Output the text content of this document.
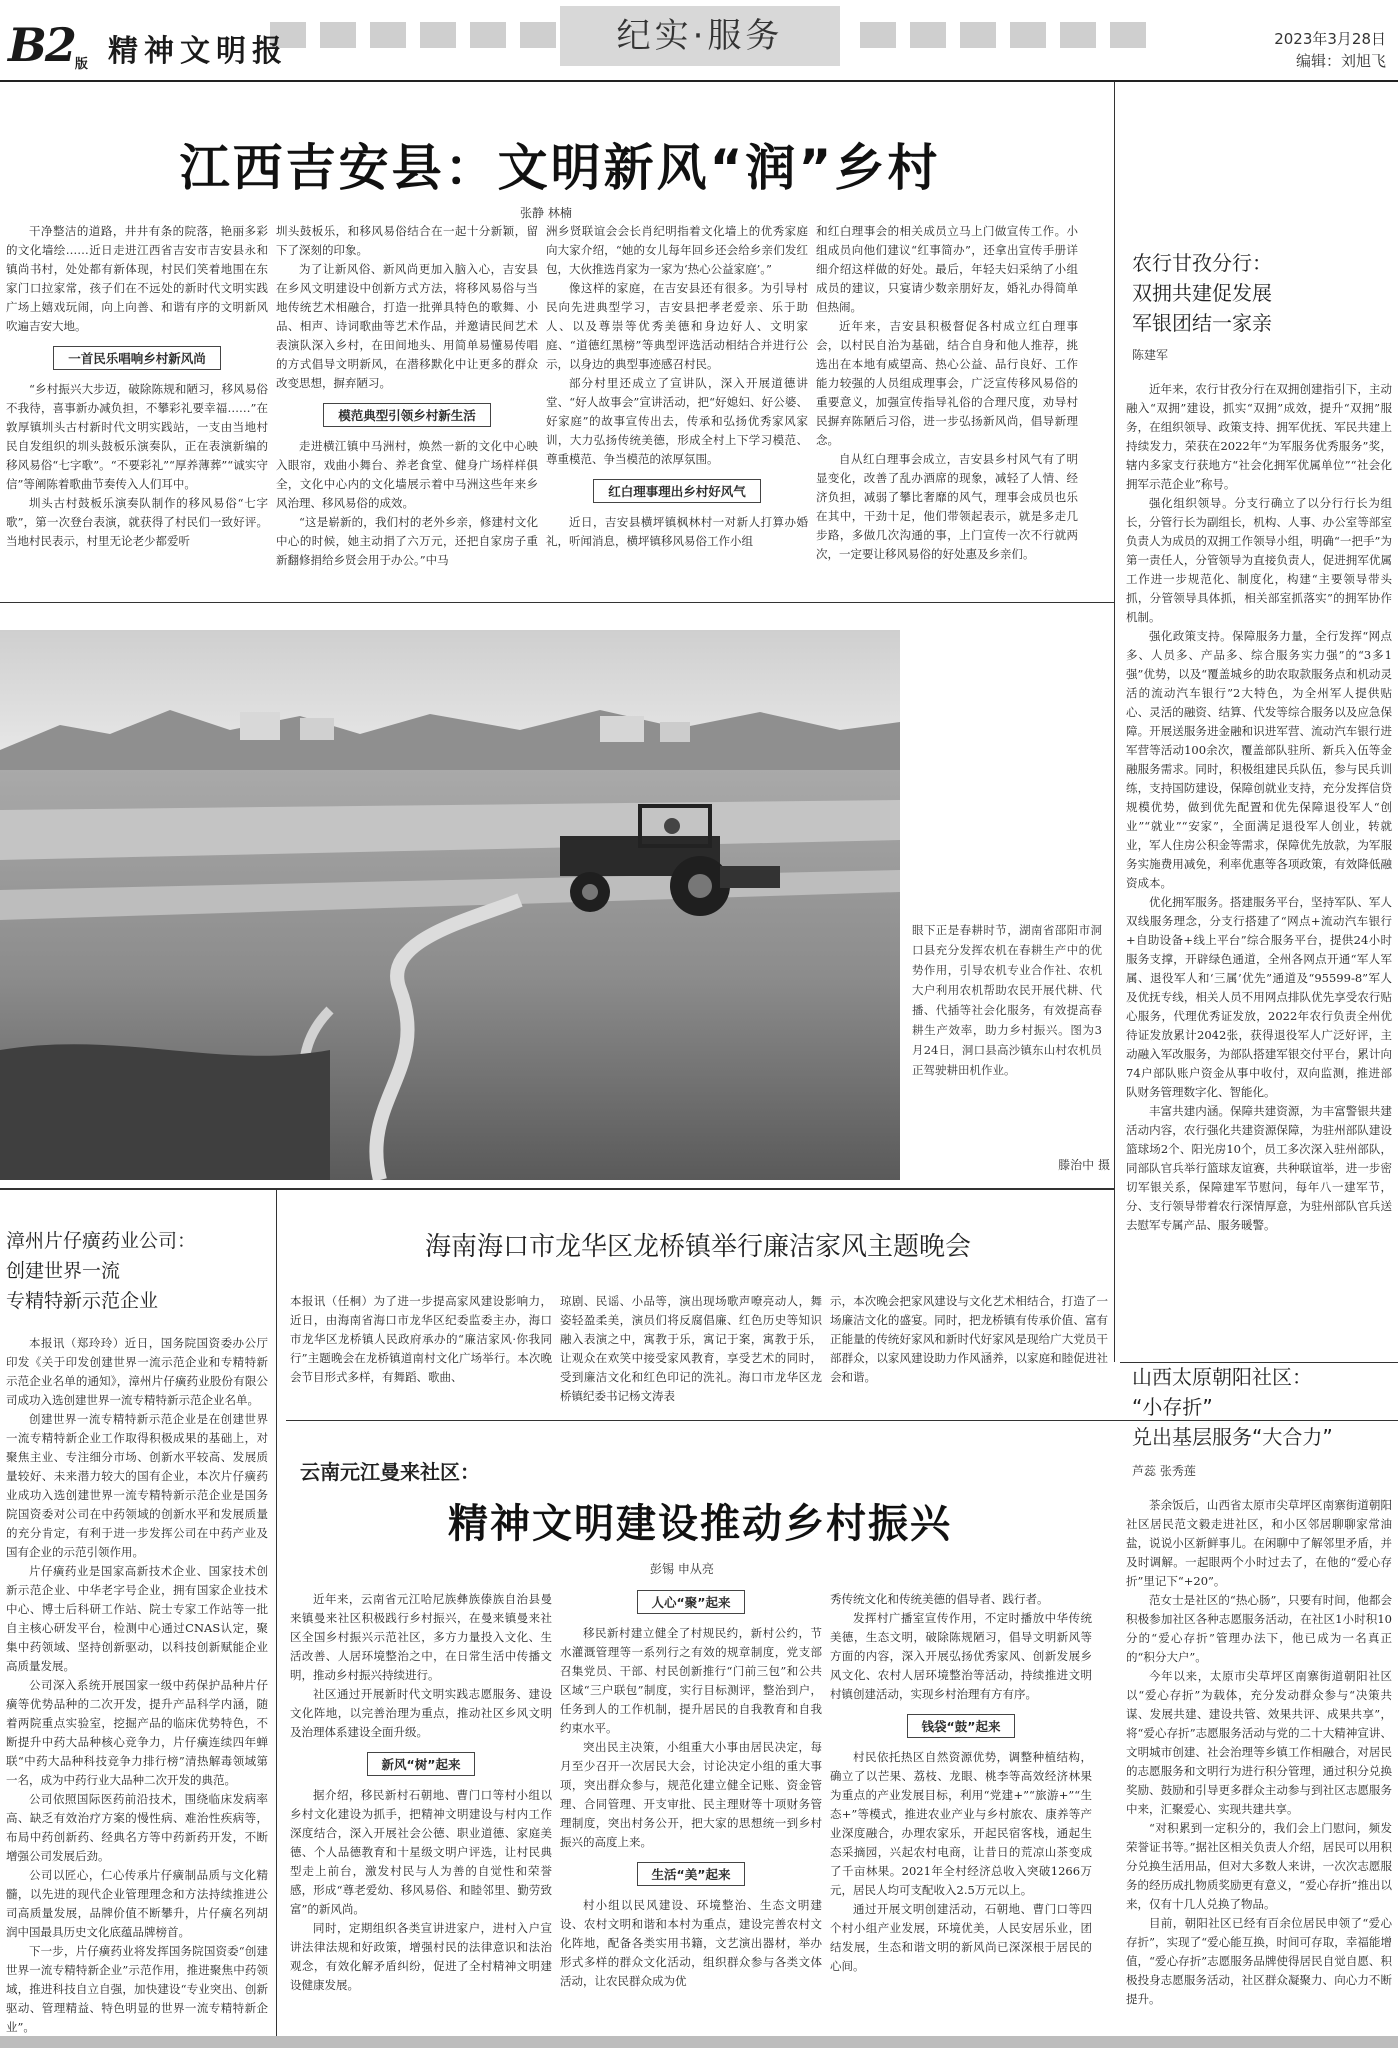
B2版 精神文明报	纪实·服务	2023年3月28日
编辑：刘旭飞
江西吉安县：文明新风“润”乡村
张静 林楠

干净整洁的道路，井井有条的院落，艳丽多彩的文化墙绘……近日走进江西省吉安市吉安县永和镇尚书村，处处都有新体现，村民们笑着地围在东家门口拉家常，孩子们在不远处的新时代文明实践广场上嬉戏玩闹，向上向善、和谐有序的文明新风吹遍吉安大地。

一首民乐唱响乡村新风尚

“乡村振兴大步迈，破除陈规和陋习，移风易俗不我待，喜事新办减负担，不攀彩礼要幸福……”在敦厚镇圳头古村新时代文明实践站，一支由当地村民自发组织的圳头鼓板乐演奏队，正在表演新编的移风易俗“七字歌”。“不要彩礼”“厚养薄葬”“诚实守信”等阐陈着歌曲节奏传入人们耳中。

圳头古村鼓板乐演奏队制作的移风易俗“七字歌”，第一次登台表演，就获得了村民们一致好评。当地村民表示，村里无论老少都爱听

圳头鼓板乐，和移风易俗结合在一起十分新颖，留下了深刻的印象。

为了让新风俗、新风尚更加入脑入心，吉安县在乡风文明建设中创新方式方法，将移风易俗与当地传统艺术相融合，打造一批弹具特色的歌舞、小品、相声、诗词歌曲等艺术作品，并邀请民间艺术表演队深入乡村，在田间地头、用简单易懂易传唱的方式倡导文明新风，在潜移默化中让更多的群众改变思想，摒弃陋习。

模范典型引领乡村新生活

走进横江镇中马洲村，焕然一新的文化中心映入眼帘，戏曲小舞台、养老食堂、健身广场样样俱全，文化中心内的文化墙展示着中马洲这些年来乡风治理、移风易俗的成效。

“这是崭新的，我们村的老外乡亲，修建村文化中心的时候，她主动捐了六万元，还把自家房子重新翻修捐给乡贤会用于办公。”中马

洲乡贤联谊会会长肖纪明指着文化墙上的优秀家庭向大家介绍，“她的女儿每年回乡还会给乡亲们发红包，大伙推选肖家为一家为‘热心公益家庭’。”

像这样的家庭，在吉安县还有很多。为引导村民向先进典型学习，吉安县把孝老爱亲、乐于助人、以及尊崇等优秀美德和身边好人、文明家庭、“道德红黑榜”等典型评选活动相结合并进行公示，以身边的典型事迹感召村民。

部分村里还成立了宣讲队，深入开展道德讲堂、“好人故事会”宣讲活动，把“好媳妇、好公婆、好家庭”的故事宣传出去，传承和弘扬优秀家风家训，大力弘扬传统美德，形成全村上下学习模范、尊重模范、争当模范的浓厚氛围。

红白理事理出乡村好风气

近日，吉安县横坪镇枫林村一对新人打算办婚礼，听闻消息，横坪镇移风易俗工作小组

和红白理事会的相关成员立马上门做宣传工作。小组成员向他们建议“红事简办”，还拿出宣传手册详细介绍这样做的好处。最后，年轻夫妇采纳了小组成员的建议，只宴请少数亲朋好友，婚礼办得简单但热闹。

近年来，吉安县积极督促各村成立红白理事会，以村民自治为基础，结合自身和他人推荐，挑选出在本地有威望高、热心公益、品行良好、工作能力较强的人员组成理事会，广泛宣传移风易俗的重要意义，加强宣传指导礼俗的合理尺度，劝导村民摒弃陈陋后习俗，进一步弘扬新风尚，倡导新理念。

自从红白理事会成立，吉安县乡村风气有了明显变化，改善了乱办酒席的现象，减轻了人情、经济负担，减弱了攀比奢靡的风气，理事会成员也乐在其中，干劲十足，他们带领起表示，就是多走几步路，多做几次沟通的事，上门宣传一次不行就两次，一定要让移风易俗的好处惠及乡亲们。

眼下正是春耕时节，湖南省邵阳市洞口县充分发挥农机在春耕生产中的优势作用，引导农机专业合作社、农机大户利用农机帮助农民开展代耕、代播、代插等社会化服务，有效提高春耕生产效率，助力乡村振兴。图为3月24日，洞口县高沙镇东山村农机员正驾驶耕田机作业。
滕治中 摄
农行甘孜分行：
双拥共建促发展
军银团结一家亲
陈建军

近年来，农行甘孜分行在双拥创建指引下，主动融入“双拥”建设，抓实“双拥”成效，提升“双拥”服务，在组织领导、政策支持、拥军优抚、军民共建上持续发力，荣获在2022年“为军服务优秀服务”奖，辖内多家支行获地方“社会化拥军优属单位”“社会化拥军示范企业”称号。

强化组织领导。分支行确立了以分行行长为组长，分管行长为副组长，机构、人事、办公室等部室负责人为成员的双拥工作领导小组，明确“一把手”为第一责任人，分管领导为直接负责人，促进拥军优属工作进一步规范化、制度化，构建“主要领导带头抓，分管领导具体抓，相关部室抓落实”的拥军协作机制。

强化政策支持。保障服务力量，全行发挥“网点多、人员多、产品多、综合服务实力强”的“3多1强”优势，以及“覆盖城乡的助农取款服务点和机动灵活的流动汽车银行”2大特色，为全州军人提供贴心、灵活的融资、结算、代发等综合服务以及应急保障。开展送服务进金融和识进军营、流动汽车银行进军营等活动100余次，覆盖部队驻所、新兵入伍等金融服务需求。同时，积极组建民兵队伍，参与民兵训练，支持国防建设，保障创就业支持，充分发挥信贷规模优势，做到优先配置和优先保障退役军人“创业”“就业”“安家”，全面满足退役军人创业，转就业，军人住房公积金等需求，保障优先放款，为军服务实施费用减免，利率优惠等各项政策，有效降低融资成本。

优化拥军服务。搭建服务平台，坚持军队、军人双线服务理念，分支行搭建了“网点+流动汽车银行+自助设备+线上平台”综合服务平台，提供24小时服务支撑，开辟绿色通道，全州各网点开通“军人军属、退役军人和‘三属’优先”通道及“95599-8”军人及优抚专线，相关人员不用网点排队优先享受农行贴心服务，代理优秀证发放，2022年农行负责全州优待证发放累计2042张，获得退役军人广泛好评，主动融入军改服务，为部队搭建军银交付平台，累计向74户部队账户资金从事中收付，双向监测，推进部队财务管理数字化、智能化。

丰富共建内涵。保障共建资源，为丰富警银共建活动内容，农行强化共建资源保障，为驻州部队建设篮球场2个、阳光房10个，员工多次深入驻州部队，同部队官兵举行篮球友谊赛，共种联谊举，进一步密切军银关系，保障建军节慰问，每年八一建军节，分、支行领导带着农行深情厚意，为驻州部队官兵送去慰军专属产品、服务暖警。

漳州片仔癀药业公司：
创建世界一流
专精特新示范企业

本报讯（郑玲玲）近日，国务院国资委办公厅印发《关于印发创建世界一流示范企业和专精特新示范企业名单的通知》，漳州片仔癀药业股份有限公司成功入选创建世界一流专精特新示范企业名单。

创建世界一流专精特新示范企业是在创建世界一流专精特新企业工作取得积极成果的基础上，对聚焦主业、专注细分市场、创新水平较高、发展质量较好、未来潜力较大的国有企业，本次片仔癀药业成功入选创建世界一流专精特新示范企业是国务院国资委对公司在中药领域的创新水平和发展质量的充分肯定，有利于进一步发挥公司在中药产业及国有企业的示范引领作用。

片仔癀药业是国家高新技术企业、国家技术创新示范企业、中华老字号企业，拥有国家企业技术中心、博士后科研工作站、院士专家工作站等一批自主核心研发平台，检测中心通过CNAS认定，聚集中药领域、坚持创新驱动，以科技创新赋能企业高质量发展。

公司深入系统开展国家一级中药保护品种片仔癀等优势品种的二次开发，提升产品科学内涵，随着两院重点实验室，挖掘产品的临床优势特色，不断提升中药大品种核心竞争力，片仔癀连续四年蝉联“中药大品种科技竞争力排行榜”清热解毒领域第一名，成为中药行业大品种二次开发的典范。

公司依照国际医药前沿技术，围绕临床发病率高、缺乏有效治疗方案的慢性病、难治性疾病等，布局中药创新药、经典名方等中药新药开发，不断增强公司发展后劲。

公司以匠心，仁心传承片仔癀制品质与文化精髓，以先进的现代企业管理理念和方法持续推进公司高质量发展，品牌价值不断攀升，片仔癀名列胡润中国最具历史文化底蕴品牌榜首。

下一步，片仔癀药业将发挥国务院国资委“创建世界一流专精特新企业”示范作用，推进聚焦中药领域，推进科技自立自强，加快建设“专业突出、创新驱动、管理精益、特色明显的世界一流专精特新企业”。

海南海口市龙华区龙桥镇举行廉洁家风主题晚会
本报讯（任桐）为了进一步提高家风建设影响力，近日，由海南省海口市龙华区纪委监委主办，海口市龙华区龙桥镇人民政府承办的“廉洁家风·你我同行”主题晚会在龙桥镇道南村文化广场举行。本次晚会节目形式多样，有舞蹈、歌曲、
琼剧、民谣、小品等，演出现场歌声嘹亮动人，舞姿轻盈柔美，演员们将反腐倡廉、红色历史等知识融入表演之中，寓教于乐，寓记于案，寓教于乐，让观众在欢笑中接受家风教育，享受艺术的同时，受到廉洁文化和红色印记的洗礼。海口市龙华区龙桥镇纪委书记杨文涛表
示，本次晚会把家风建设与文化艺术相结合，打造了一场廉洁文化的盛宴。同时，把龙桥镇有传承价值、富有正能量的传统好家风和新时代好家风是现给广大党员干部群众，以家风建设助力作风涵养，以家庭和睦促进社会和谐。
云南元江曼来社区：
精神文明建设推动乡村振兴
彭锡 申从亮

近年来，云南省元江哈尼族彝族傣族自治县曼来镇曼来社区积极践行乡村振兴，在曼来镇曼来社区全国乡村振兴示范社区，多方力量投入文化、生活改善、人居环境整治之中，在日常生活中传播文明，推动乡村振兴持续进行。

社区通过开展新时代文明实践志愿服务、建设文化阵地，以完善治理为重点，推动社区乡风文明及治理体系建设全面升级。

新风“树”起来

据介绍，移民新村石朝地、曹门口等村小组以乡村文化建设为抓手，把精神文明建设与村内工作深度结合，深入开展社会公德、职业道德、家庭美德、个人品德教育和十星级文明户评选，让村民典型走上前台，激发村民与人为善的自觉性和荣誉感，形成“尊老爱幼、移风易俗、和睦邻里、勤劳致富”的新风尚。

同时，定期组织各类宣讲进家户，进村入户宣讲法律法规和好政策，增强村民的法律意识和法治观念，有效化解矛盾纠纷，促进了全村精神文明建设健康发展。

人心“聚”起来

移民新村建立健全了村规民约，新村公约，节水灌溉管理等一系列行之有效的规章制度，党支部召集党员、干部、村民创新推行“门前三包”和公共区域“三户联包”制度，实行目标测评，整治到户，任务到人的工作机制，提升居民的自我教育和自我约束水平。

突出民主决策，小组重大小事由居民决定，每月至少召开一次居民大会，讨论决定小组的重大事项，突出群众参与，规范化建立健全记账、资金管理、合同管理、开支审批、民主理财等十项财务管理制度，突出村务公开，把大家的思想统一到乡村振兴的高度上来。

生活“美”起来

村小组以民风建设、环境整治、生态文明建设、农村文明和谐和本村为重点，建设完善农村文化阵地，配备各类实用书籍，文艺演出器材，举办形式多样的群众文化活动，组织群众参与各类文体活动，让农民群众成为优

秀传统文化和传统美德的倡导者、践行者。

发挥村广播室宣传作用，不定时播放中华传统美德，生态文明，破除陈规陋习，倡导文明新风等方面的内容，深入开展弘扬优秀家风、创新发展乡风文化、农村人居环境整治等活动，持续推进文明村镇创建活动，实现乡村治理有方有序。

钱袋“鼓”起来

村民依托热区自然资源优势，调整种植结构，确立了以芒果、荔枝、龙眼、桃李等高效经济林果为重点的产业发展目标，利用“党建+”“旅游+”“生态+”等模式，推进农业产业与乡村旅农、康养等产业深度融合，办理农家乐，开起民宿客栈，通起生态采摘园，兴起农村电商，让昔日的荒凉山茶变成了千亩林果。2021年全村经济总收入突破1266万元，居民人均可支配收入2.5万元以上。

通过开展文明创建活动，石朝地、曹门口等四个村小组产业发展，环境优美，人民安居乐业，团结发展，生态和谐文明的新风尚已深深根于居民的心间。

山西太原朝阳社区：
“小存折”
兑出基层服务“大合力”
芦蕊 张秀莲

茶余饭后，山西省太原市尖草坪区南寨街道朝阳社区居民范文毅走进社区，和小区邻居聊聊家常油盐，说说小区新鲜事儿。在闲聊中了解邻里矛盾，并及时调解。一起眼两个小时过去了，在他的“爱心存折”里记下“+20”。

范女士是社区的“热心肠”，只要有时间，他都会积极参加社区各种志愿服务活动，在社区1小时积10分的“爱心存折”管理办法下，他已成为一名真正的“积分大户”。

今年以来，太原市尖草坪区南寨街道朝阳社区以“爱心存折”为载体，充分发动群众参与“决策共谋、发展共建、建设共管、效果共评、成果共享”，将“爱心存折”志愿服务活动与党的二十大精神宣讲、文明城市创建、社会治理等乡镇工作相融合，对居民的志愿服务和文明行为进行积分管理，通过积分兑换奖励、鼓励和引导更多群众主动参与到社区志愿服务中来，汇聚爱心、实现共建共享。

“对积累到一定积分的，我们会上门慰问，频发荣誉证书等。”据社区相关负责人介绍，居民可以用积分兑换生活用品，但对大多数人来讲，一次次志愿服务的经历成扎物质奖励更有意义，“爱心存折”推出以来，仅有十几人兑换了物品。

目前，朝阳社区已经有百余位居民申领了“爱心存折”，实现了“爱心能互换，时间可存取，幸福能增值，“爱心存折”志愿服务品牌使得居民自觉自愿、积极投身志愿服务活动，社区群众凝聚力、向心力不断提升。
